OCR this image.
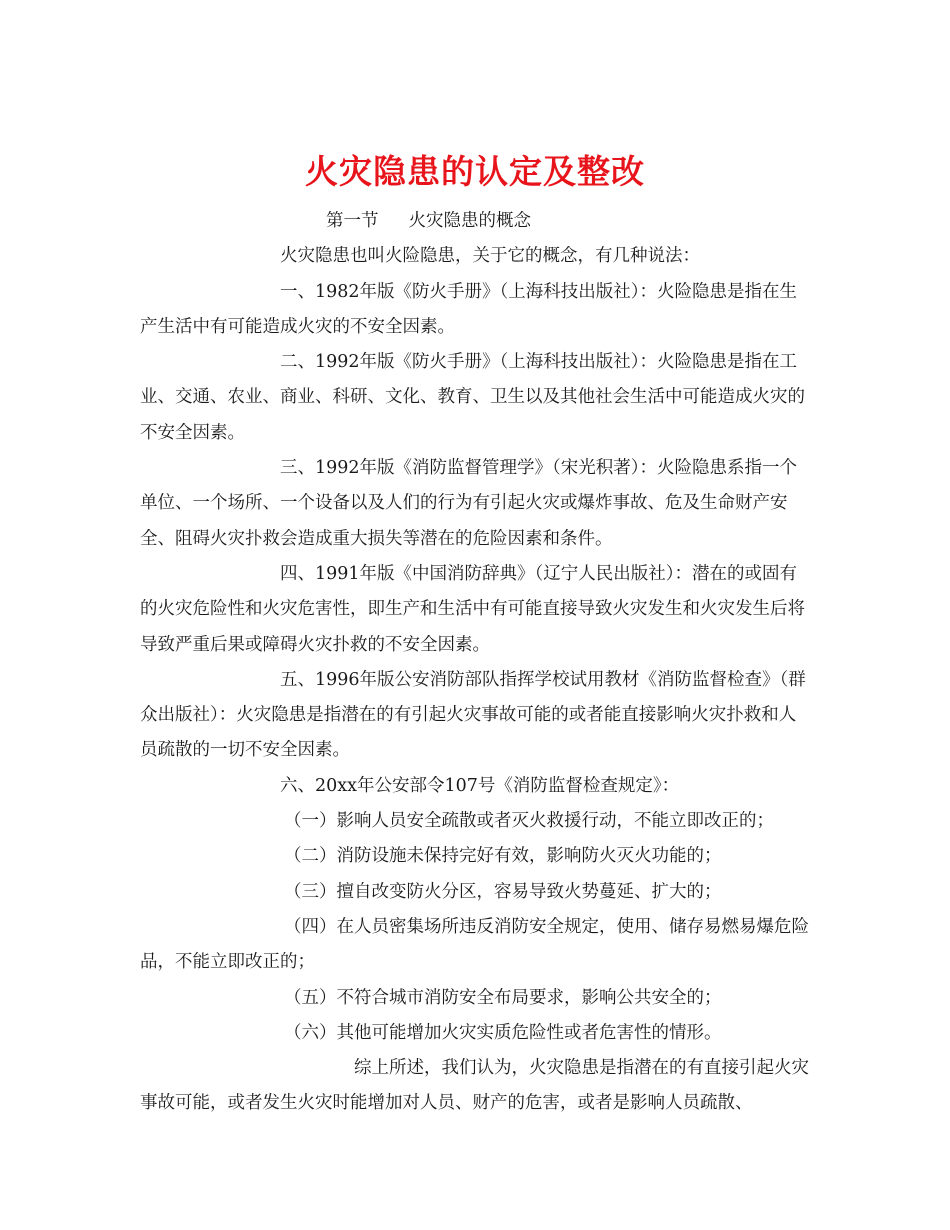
火灾隐患的认定及整改

第一节 火灾隐患的概念

火灾隐患也叫火险隐患，关于它的概念，有几种说法：

一、1982年版《防火手册》（上海科技出版社）：火险隐患是指在生产生活中有可能造成火灾的不安全因素。

二、1992年版《防火手册》（上海科技出版社）：火险隐患是指在工业、交通、农业、商业、科研、文化、教育、卫生以及其他社会生活中可能造成火灾的不安全因素。

三、1992年版《消防监督管理学》（宋光积著）：火险隐患系指一个单位、一个场所、一个设备以及人们的行为有引起火灾或爆炸事故、危及生命财产安全、阻碍火灾扑救会造成重大损失等潜在的危险因素和条件。

四、1991年版《中国消防辞典》（辽宁人民出版社）：潜在的或固有的火灾危险性和火灾危害性，即生产和生活中有可能直接导致火灾发生和火灾发生后将导致严重后果或障碍火灾扑救的不安全因素。

五、1996年版公安消防部队指挥学校试用教材《消防监督检查》（群众出版社）：火灾隐患是指潜在的有引起火灾事故可能的或者能直接影响火灾扑救和人员疏散的一切不安全因素。

六、20xx年公安部令107号《消防监督检查规定》：

（一）影响人员安全疏散或者灭火救援行动，不能立即改正的；

（二）消防设施未保持完好有效，影响防火灭火功能的；

（三）擅自改变防火分区，容易导致火势蔓延、扩大的；

（四）在人员密集场所违反消防安全规定，使用、储存易燃易爆危险品，不能立即改正的；

（五）不符合城市消防安全布局要求，影响公共安全的；

（六）其他可能增加火灾实质危险性或者危害性的情形。

综上所述，我们认为，火灾隐患是指潜在的有直接引起火灾事故可能，或者发生火灾时能增加对人员、财产的危害，或者是影响人员疏散、
